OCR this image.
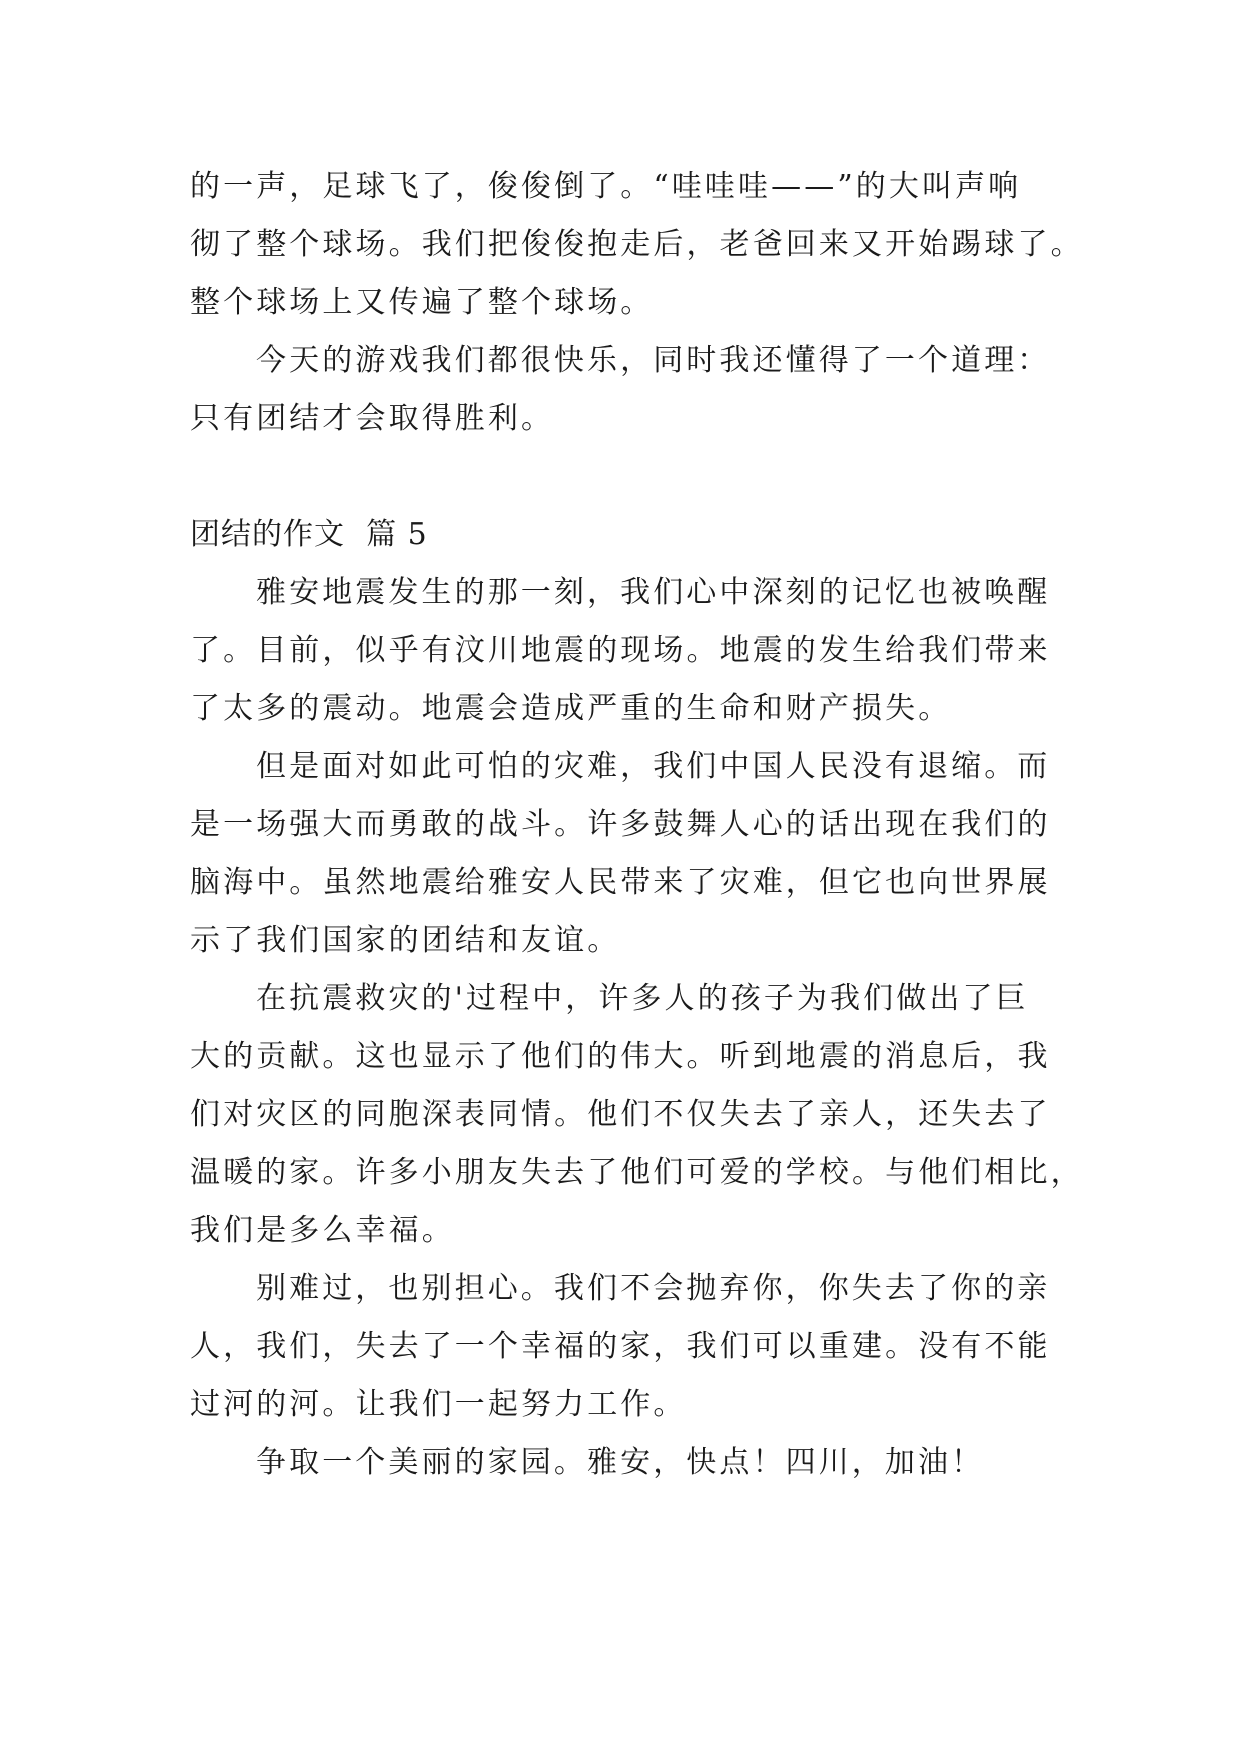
的一声，足球飞了，俊俊倒了。“哇哇哇——”的大叫声响
彻了整个球场。我们把俊俊抱走后，老爸回来又开始踢球了。
整个球场上又传遍了整个球场。
今天的游戏我们都很快乐，同时我还懂得了一个道理：
只有团结才会取得胜利。
团结的作文  篇 5
雅安地震发生的那一刻，我们心中深刻的记忆也被唤醒
了。目前，似乎有汶川地震的现场。地震的发生给我们带来
了太多的震动。地震会造成严重的生命和财产损失。
但是面对如此可怕的灾难，我们中国人民没有退缩。而
是一场强大而勇敢的战斗。许多鼓舞人心的话出现在我们的
脑海中。虽然地震给雅安人民带来了灾难，但它也向世界展
示了我们国家的团结和友谊。
在抗震救灾的'过程中，许多人的孩子为我们做出了巨
大的贡献。这也显示了他们的伟大。听到地震的消息后，我
们对灾区的同胞深表同情。他们不仅失去了亲人，还失去了
温暖的家。许多小朋友失去了他们可爱的学校。与他们相比，
我们是多么幸福。
别难过，也别担心。我们不会抛弃你，你失去了你的亲
人，我们，失去了一个幸福的家，我们可以重建。没有不能
过河的河。让我们一起努力工作。
争取一个美丽的家园。雅安，快点！四川，加油！
